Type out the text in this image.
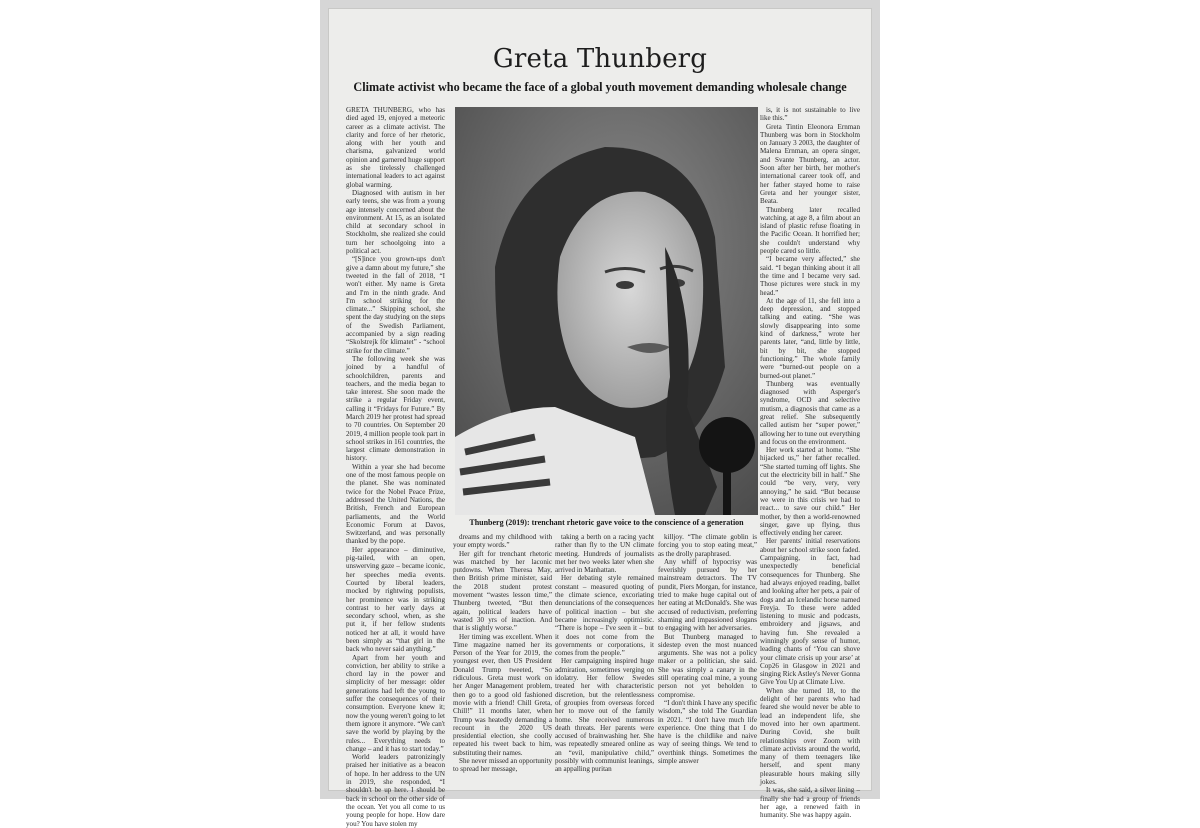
Greta Thunberg
Climate activist who became the face of a global youth movement demanding wholesale change

GRETA THUNBERG, who has died aged 19, enjoyed a meteoric career as a climate activist. The clarity and force of her rhetoric, along with her youth and charisma, galvanized world opinion and garnered huge support as she tirelessly challenged international leaders to act against global warming.

Diagnosed with autism in her early teens, she was from a young age intensely concerned about the environment. At 15, as an isolated child at secondary school in Stockholm, she realized she could turn her schoolgoing into a political act.

“[S]ince you grown-ups don't give a damn about my future,” she tweeted in the fall of 2018, “I won't either. My name is Greta and I'm in the ninth grade. And I'm school striking for the climate...” Skipping school, she spent the day studying on the steps of the Swedish Parliament, accompanied by a sign reading “Skolstrejk för klimatet” - “school strike for the climate.”

The following week she was joined by a handful of schoolchildren, parents and teachers, and the media began to take interest. She soon made the strike a regular Friday event, calling it “Fridays for Future.” By March 2019 her protest had spread to 70 countries. On September 20 2019, 4 million people took part in school strikes in 161 countries, the largest climate demonstration in history.

Within a year she had become one of the most famous people on the planet. She was nominated twice for the Nobel Peace Prize, addressed the United Nations, the British, French and European parliaments, and the World Economic Forum at Davos, Switzerland, and was personally thanked by the pope.

Her appearance – diminutive, pig-tailed, with an open, unswerving gaze – became iconic, her speeches media events. Courted by liberal leaders, mocked by rightwing populists, her prominence was in striking contrast to her early days at secondary school, when, as she put it, if her fellow students noticed her at all, it would have been simply as “that girl in the back who never said anything.”

Apart from her youth and conviction, her ability to strike a chord lay in the power and simplicity of her message: older generations had left the young to suffer the consequences of their consumption. Everyone knew it; now the young weren't going to let them ignore it anymore. “We can't save the world by playing by the rules... Everything needs to change – and it has to start today.”

World leaders patronizingly praised her initiative as a beacon of hope. In her address to the UN in 2019, she responded, “I shouldn't be up here. I should be back in school on the other side of the ocean. Yet you all come to us young people for hope. How dare you? You have stolen my

Thunberg (2019): trenchant rhetoric gave voice to the conscience of a generation

dreams and my childhood with your empty words.”

Her gift for trenchant rhetoric was matched by her laconic putdowns. When Theresa May, then British prime minister, said the 2018 student protest movement “wastes lesson time,” Thunberg tweeted, “But then again, political leaders have wasted 30 yrs of inaction. And that is slightly worse.”

Her timing was excellent. When Time magazine named her its Person of the Year for 2019, the youngest ever, then US President Donald Trump tweeted, “So ridiculous. Greta must work on her Anger Management problem, then go to a good old fashioned movie with a friend! Chill Greta, Chill!” 11 months later, when Trump was heatedly demanding a recount in the 2020 US presidential election, she coolly repeated his tweet back to him, substituting their names.

She never missed an opportunity to spread her message,

taking a berth on a racing yacht rather than fly to the UN climate meeting. Hundreds of journalists met her two weeks later when she arrived in Manhattan.

Her debating style remained constant – measured quoting of the climate science, excoriating denunciations of the consequences of political inaction – but she became increasingly optimistic. “There is hope – I've seen it – but it does not come from the governments or corporations, it comes from the people.”

Her campaigning inspired huge admiration, sometimes verging on idolatry. Her fellow Swedes treated her with characteristic discretion, but the relentlessness of groupies from overseas forced her to move out of the family home. She received numerous death threats. Her parents were accused of brainwashing her. She was repeatedly smeared online as an “evil, manipulative child,” possibly with communist leanings, an appalling puritan

killjoy. “The climate goblin is forcing you to stop eating meat,” as the drolly paraphrased.

Any whiff of hypocrisy was feverishly pursued by her mainstream detractors. The TV pundit, Piers Morgan, for instance, tried to make huge capital out of her eating at McDonald's. She was accused of reductivism, preferring shaming and impassioned slogans to engaging with her adversaries.

But Thunberg managed to sidestep even the most nuanced arguments. She was not a policy maker or a politician, she said. She was simply a canary in the still operating coal mine, a young person not yet beholden to compromise.

“I don't think I have any specific wisdom,” she told The Guardian in 2021. “I don't have much life experience. One thing that I do have is the childlike and naive way of seeing things. We tend to overthink things. Sometimes the simple answer

is, it is not sustainable to live like this.”

Greta Tintin Eleonora Ernman Thunberg was born in Stockholm on January 3 2003, the daughter of Malena Ernman, an opera singer, and Svante Thunberg, an actor. Soon after her birth, her mother's international career took off, and her father stayed home to raise Greta and her younger sister, Beata.

Thunberg later recalled watching, at age 8, a film about an island of plastic refuse floating in the Pacific Ocean. It horrified her; she couldn't understand why people cared so little.

“I became very affected,” she said. “I began thinking about it all the time and I became very sad. Those pictures were stuck in my head.”

At the age of 11, she fell into a deep depression, and stopped talking and eating. “She was slowly disappearing into some kind of darkness,” wrote her parents later, “and, little by little, bit by bit, she stopped functioning.” The whole family were “burned-out people on a burned-out planet.”

Thunberg was eventually diagnosed with Asperger's syndrome, OCD and selective mutism, a diagnosis that came as a great relief. She subsequently called autism her “super power,” allowing her to tune out everything and focus on the environment.

Her work started at home. “She hijacked us,” her father recalled. “She started turning off lights. She cut the electricity bill in half.” She could “be very, very, very annoying,” he said. “But because we were in this crisis we had to react... to save our child.” Her mother, by then a world-renowned singer, gave up flying, thus effectively ending her career.

Her parents' initial reservations about her school strike soon faded. Campaigning, in fact, had unexpectedly beneficial consequences for Thunberg. She had always enjoyed reading, ballet and looking after her pets, a pair of dogs and an Icelandic horse named Freyja. To these were added listening to music and podcasts, embroidery and jigsaws, and having fun. She revealed a winningly goofy sense of humor, leading chants of ‘You can shove your climate crisis up your arse’ at Cop26 in Glasgow in 2021 and singing Rick Astley's Never Gonna Give You Up at Climate Live.

When she turned 18, to the delight of her parents who had feared she would never be able to lead an independent life, she moved into her own apartment. During Covid, she built relationships over Zoom with climate activists around the world, many of them teenagers like herself, and spent many pleasurable hours making silly jokes.

It was, she said, a silver lining – finally she had a group of friends her age, a renewed faith in humanity. She was happy again.
